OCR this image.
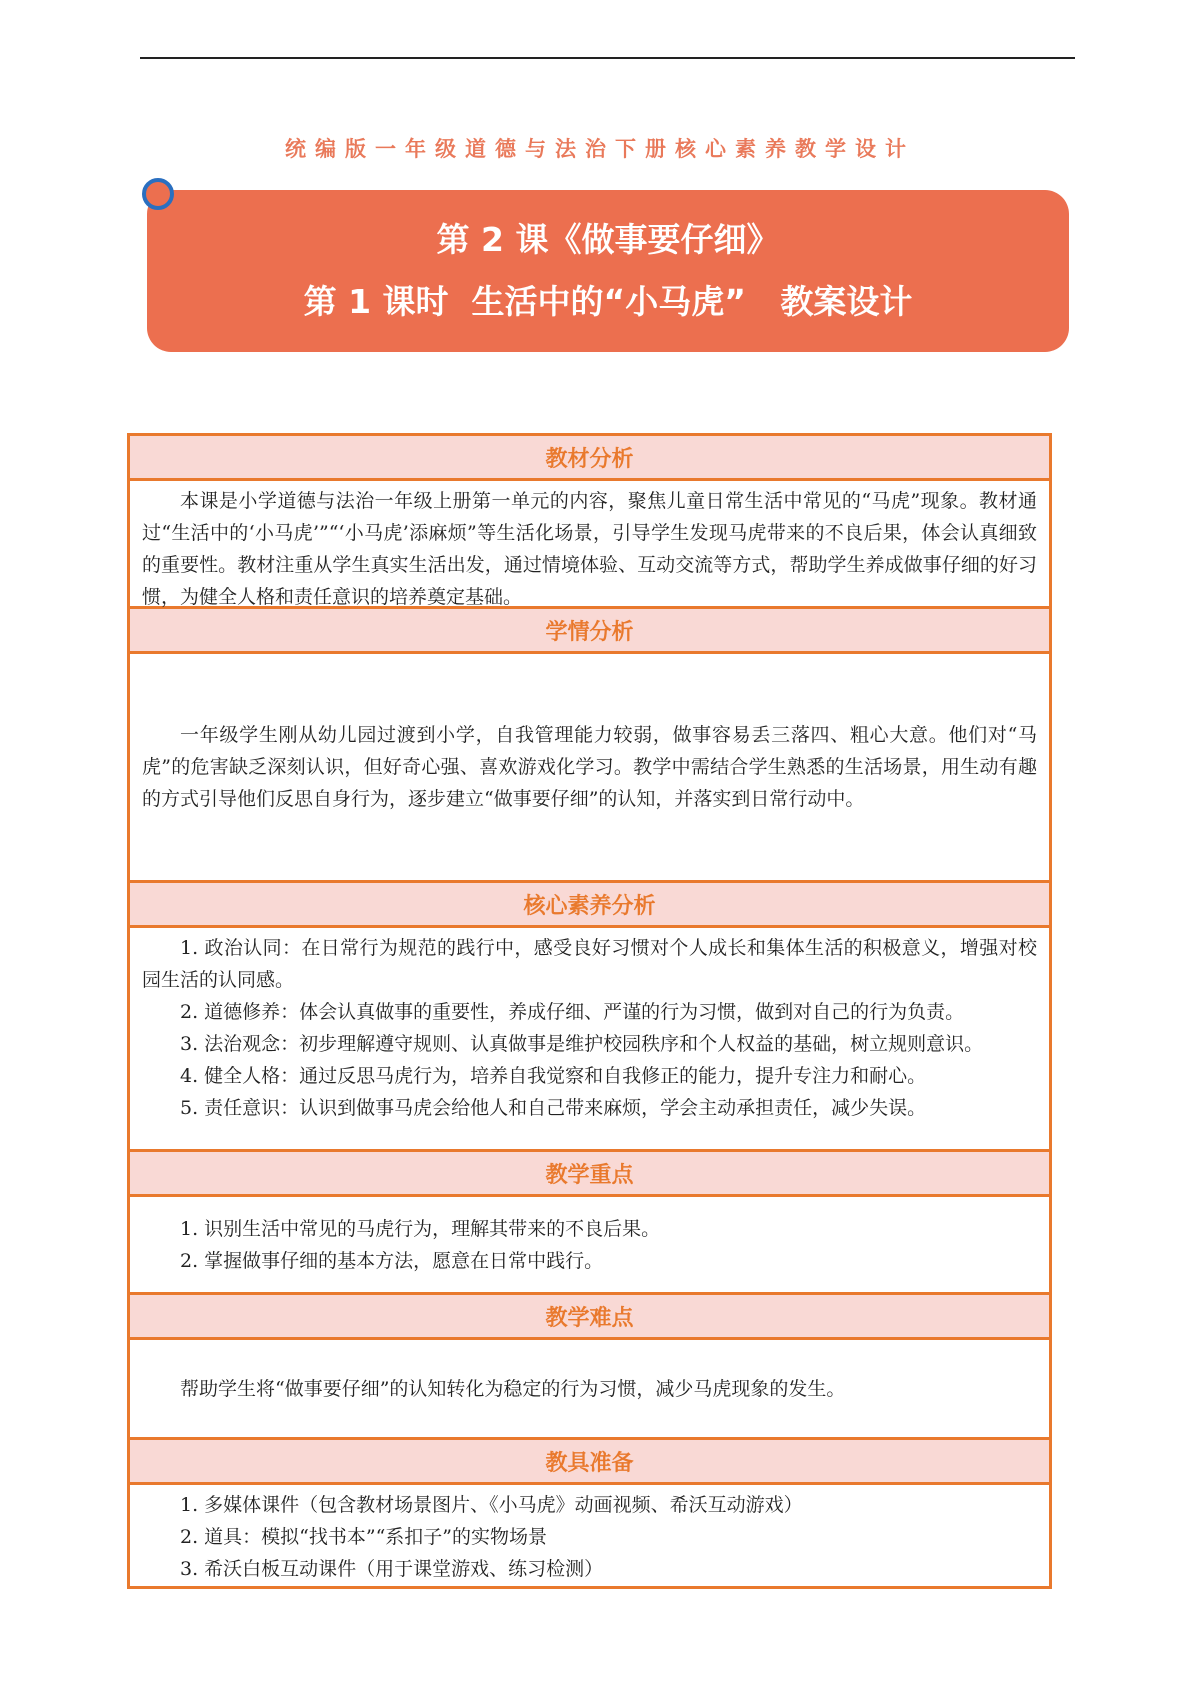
统编版一年级道德与法治下册核心素养教学设计
第 2 课《做事要仔细》
第 1 课时  生活中的“小马虎”   教案设计
教材分析

本课是小学道德与法治一年级上册第一单元的内容，聚焦儿童日常生活中常见的“马虎”现象。教材通过“生活中的‘小马虎’”“‘小马虎’添麻烦”等生活化场景，引导学生发现马虎带来的不良后果，体会认真细致的重要性。教材注重从学生真实生活出发，通过情境体验、互动交流等方式，帮助学生养成做事仔细的好习惯，为健全人格和责任意识的培养奠定基础。

学情分析

一年级学生刚从幼儿园过渡到小学，自我管理能力较弱，做事容易丢三落四、粗心大意。他们对“马虎”的危害缺乏深刻认识，但好奇心强、喜欢游戏化学习。教学中需结合学生熟悉的生活场景，用生动有趣的方式引导他们反思自身行为，逐步建立“做事要仔细”的认知，并落实到日常行动中。

核心素养分析

1. 政治认同：在日常行为规范的践行中，感受良好习惯对个人成长和集体生活的积极意义，增强对校园生活的认同感。

2. 道德修养：体会认真做事的重要性，养成仔细、严谨的行为习惯，做到对自己的行为负责。

3. 法治观念：初步理解遵守规则、认真做事是维护校园秩序和个人权益的基础，树立规则意识。

4. 健全人格：通过反思马虎行为，培养自我觉察和自我修正的能力，提升专注力和耐心。

5. 责任意识：认识到做事马虎会给他人和自己带来麻烦，学会主动承担责任，减少失误。

教学重点

1. 识别生活中常见的马虎行为，理解其带来的不良后果。

2. 掌握做事仔细的基本方法，愿意在日常中践行。

教学难点

帮助学生将“做事要仔细”的认知转化为稳定的行为习惯，减少马虎现象的发生。

教具准备

1. 多媒体课件（包含教材场景图片、《小马虎》动画视频、希沃互动游戏）

2. 道具：模拟“找书本”“系扣子”的实物场景

3. 希沃白板互动课件（用于课堂游戏、练习检测）
